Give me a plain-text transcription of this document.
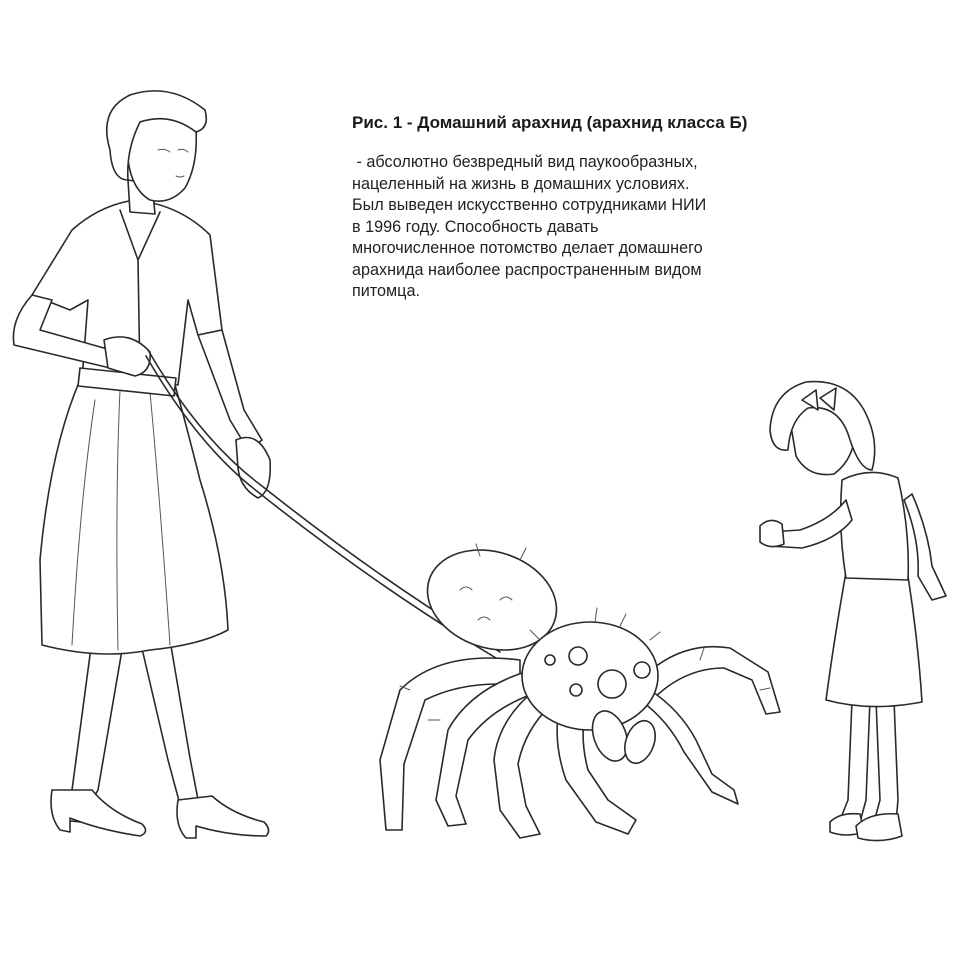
Рис. 1 - Домашний арахнид (арахнид класса Б)

- абсолютно безвредный вид паукообразных,

нацеленный на жизнь в домашних условиях.

Был выведен искусственно сотрудниками НИИ

в 1996 году. Способность давать

многочисленное потомство делает домашнего

арахнида наиболее распространенным видом

питомца.
